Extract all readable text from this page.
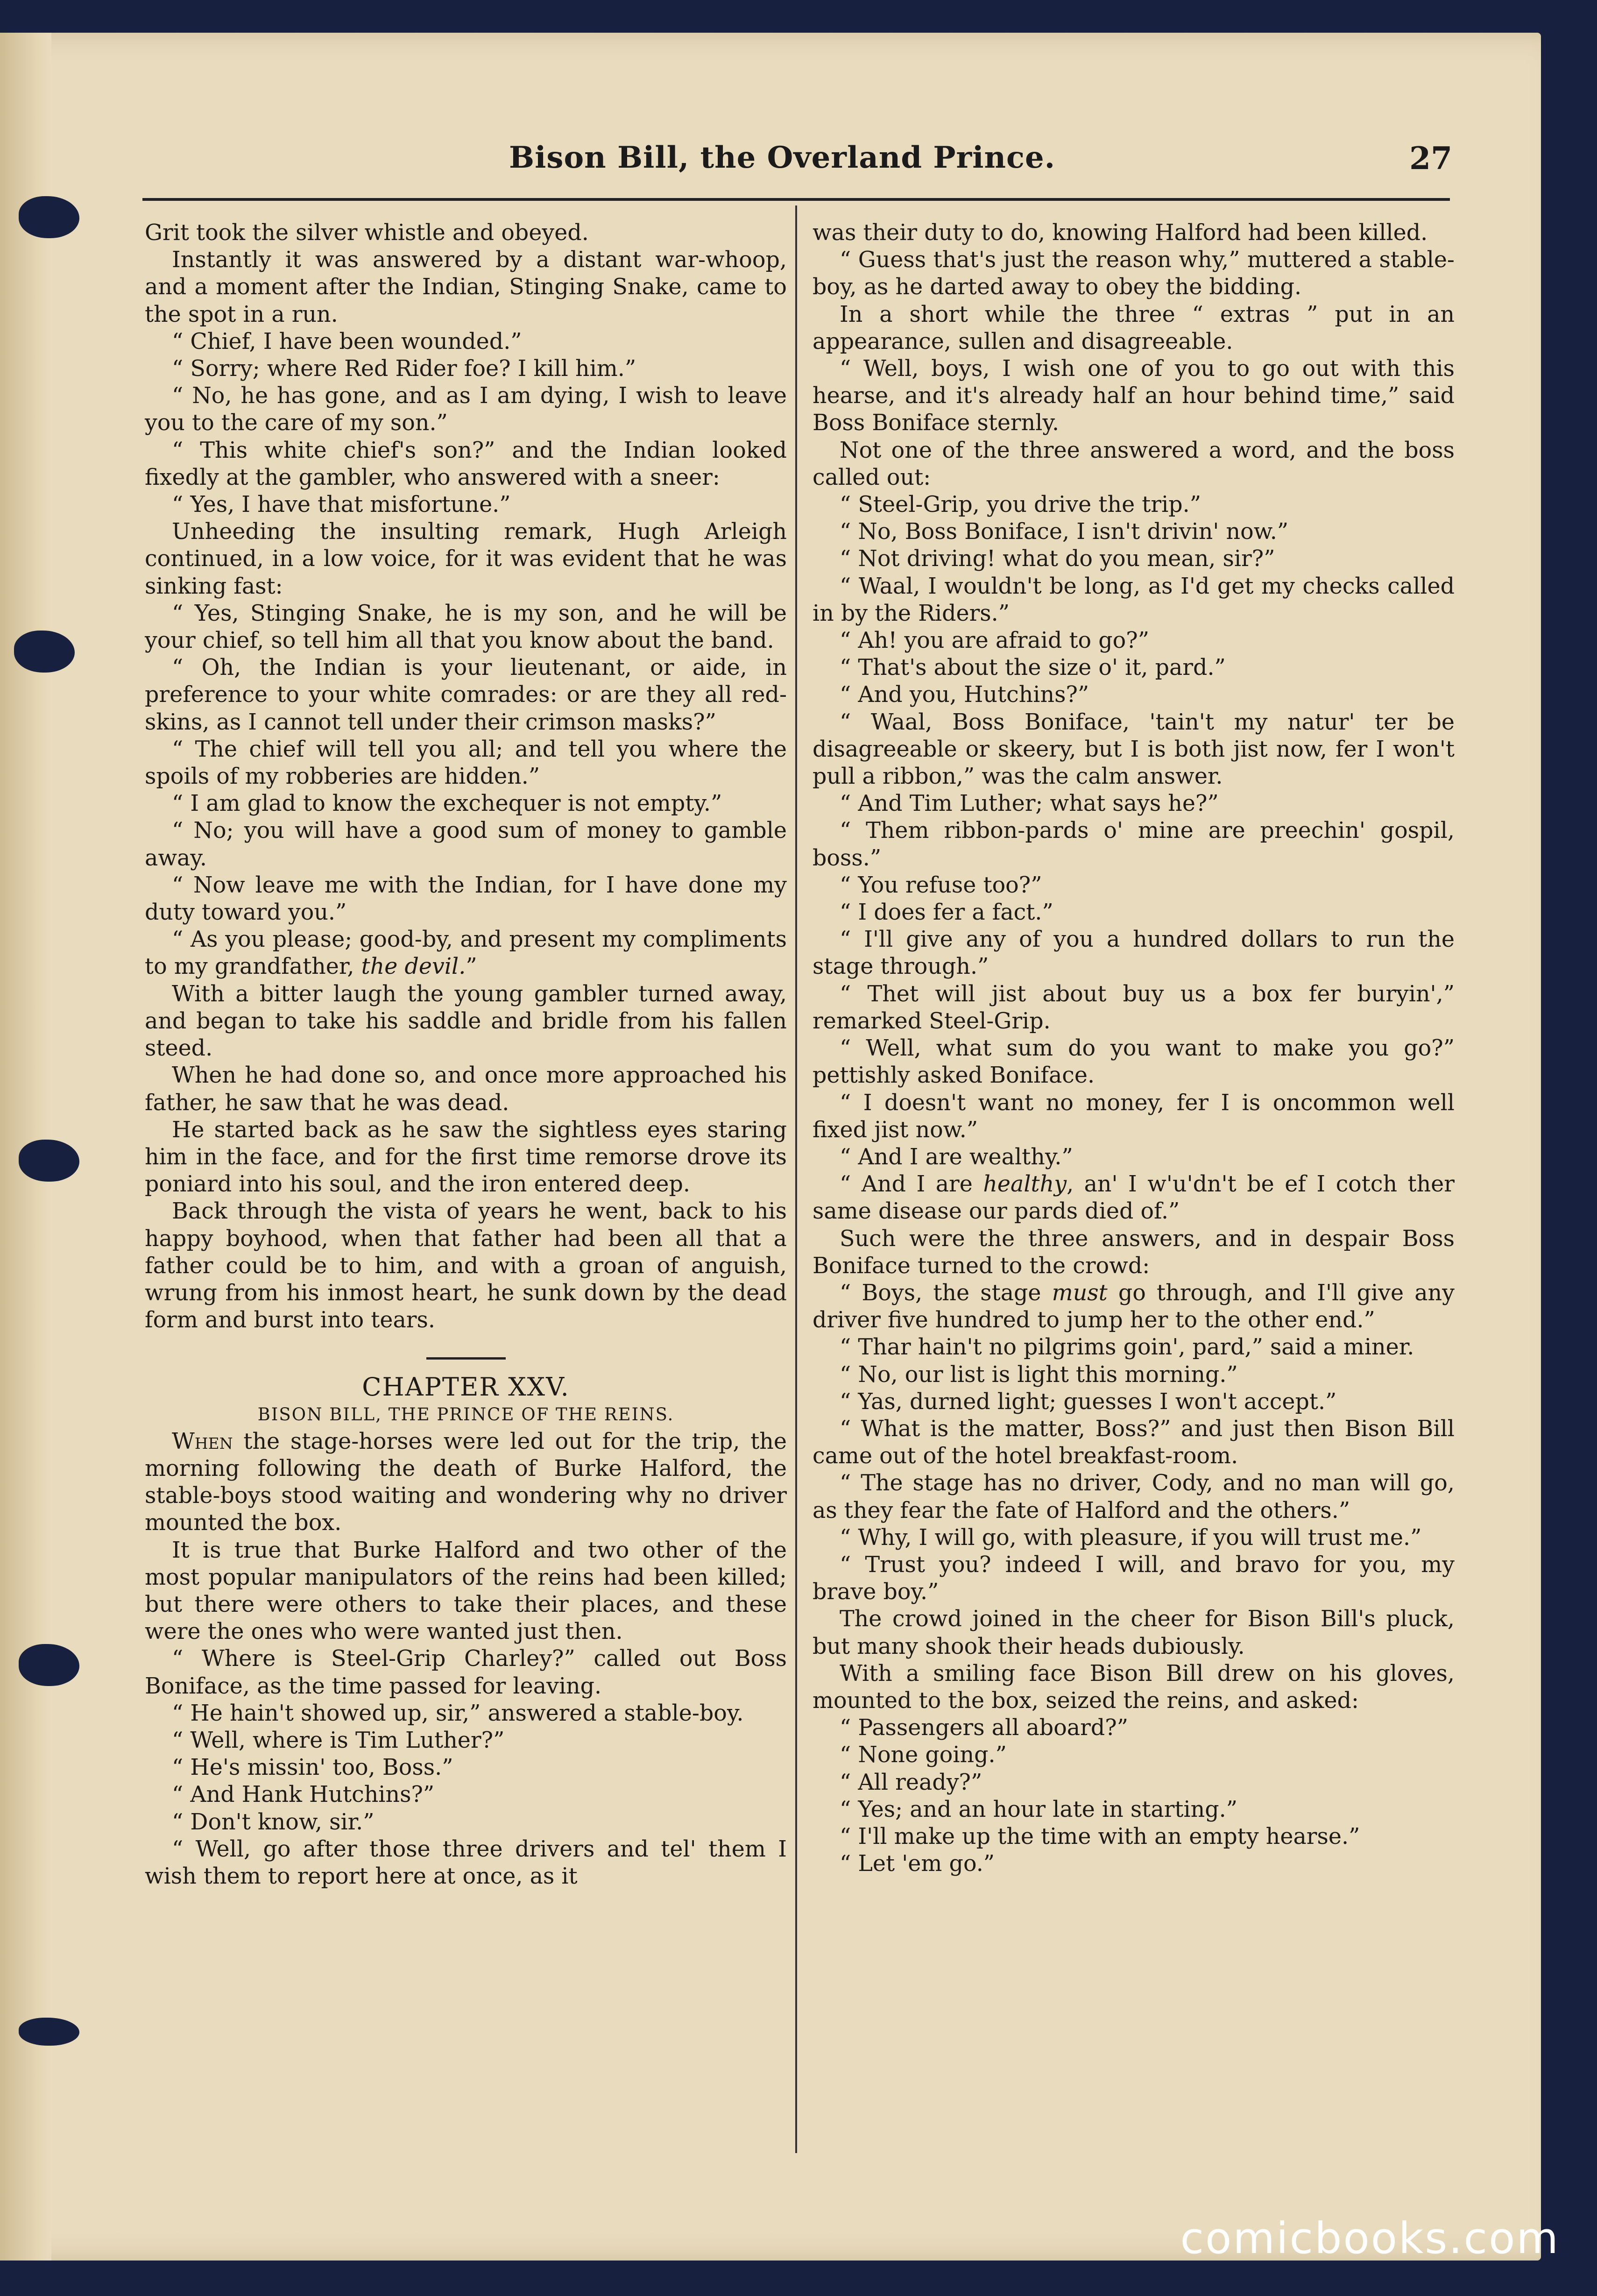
Bison Bill, the Overland Prince.	27

Grit took the silver whistle and obeyed.

Instantly it was answered by a distant war-whoop, and a moment after the Indian, Stinging Snake, came to the spot in a run.

“ Chief, I have been wounded.”

“ Sorry; where Red Rider foe? I kill him.”

“ No, he has gone, and as I am dying, I wish to leave you to the care of my son.”

“ This white chief's son?” and the Indian looked fixedly at the gambler, who answered with a sneer:

“ Yes, I have that misfortune.”

Unheeding the insulting remark, Hugh Arleigh continued, in a low voice, for it was evident that he was sinking fast:

“ Yes, Stinging Snake, he is my son, and he will be your chief, so tell him all that you know about the band.

“ Oh, the Indian is your lieutenant, or aide, in preference to your white comrades: or are they all red-skins, as I cannot tell under their crimson masks?”

“ The chief will tell you all; and tell you where the spoils of my robberies are hidden.”

“ I am glad to know the exchequer is not empty.”

“ No; you will have a good sum of money to gamble away.

“ Now leave me with the Indian, for I have done my duty toward you.”

“ As you please; good-by, and present my compliments to my grandfather, the devil.”

With a bitter laugh the young gambler turned away, and began to take his saddle and bridle from his fallen steed.

When he had done so, and once more approached his father, he saw that he was dead.

He started back as he saw the sightless eyes staring him in the face, and for the first time remorse drove its poniard into his soul, and the iron entered deep.

Back through the vista of years he went, back to his happy boyhood, when that father had been all that a father could be to him, and with a groan of anguish, wrung from his inmost heart, he sunk down by the dead form and burst into tears.

CHAPTER XXV.

BISON BILL, THE PRINCE OF THE REINS.

When the stage-horses were led out for the trip, the morning following the death of Burke Halford, the stable-boys stood waiting and wondering why no driver mounted the box.

It is true that Burke Halford and two other of the most popular manipulators of the reins had been killed; but there were others to take their places, and these were the ones who were wanted just then.

“ Where is Steel-Grip Charley?” called out Boss Boniface, as the time passed for leaving.

“ He hain't showed up, sir,” answered a stable-boy.

“ Well, where is Tim Luther?”

“ He's missin' too, Boss.”

“ And Hank Hutchins?”

“ Don't know, sir.”

“ Well, go after those three drivers and tel' them I wish them to report here at once, as it

was their duty to do, knowing Halford had been killed.

“ Guess that's just the reason why,” muttered a stable-boy, as he darted away to obey the bidding.

In a short while the three “ extras ” put in an appearance, sullen and disagreeable.

“ Well, boys, I wish one of you to go out with this hearse, and it's already half an hour behind time,” said Boss Boniface sternly.

Not one of the three answered a word, and the boss called out:

“ Steel-Grip, you drive the trip.”

“ No, Boss Boniface, I isn't drivin' now.”

“ Not driving! what do you mean, sir?”

“ Waal, I wouldn't be long, as I'd get my checks called in by the Riders.”

“ Ah! you are afraid to go?”

“ That's about the size o' it, pard.”

“ And you, Hutchins?”

“ Waal, Boss Boniface, 'tain't my natur' ter be disagreeable or skeery, but I is both jist now, fer I won't pull a ribbon,” was the calm answer.

“ And Tim Luther; what says he?”

“ Them ribbon-pards o' mine are preechin' gospil, boss.”

“ You refuse too?”

“ I does fer a fact.”

“ I'll give any of you a hundred dollars to run the stage through.”

“ Thet will jist about buy us a box fer buryin',” remarked Steel-Grip.

“ Well, what sum do you want to make you go?” pettishly asked Boniface.

“ I doesn't want no money, fer I is oncommon well fixed jist now.”

“ And I are wealthy.”

“ And I are healthy, an' I w'u'dn't be ef I cotch ther same disease our pards died of.”

Such were the three answers, and in despair Boss Boniface turned to the crowd:

“ Boys, the stage must go through, and I'll give any driver five hundred to jump her to the other end.”

“ Thar hain't no pilgrims goin', pard,” said a miner.

“ No, our list is light this morning.”

“ Yas, durned light; guesses I won't accept.”

“ What is the matter, Boss?” and just then Bison Bill came out of the hotel breakfast-room.

“ The stage has no driver, Cody, and no man will go, as they fear the fate of Halford and the others.”

“ Why, I will go, with pleasure, if you will trust me.”

“ Trust you? indeed I will, and bravo for you, my brave boy.”

The crowd joined in the cheer for Bison Bill's pluck, but many shook their heads dubiously.

With a smiling face Bison Bill drew on his gloves, mounted to the box, seized the reins, and asked:

“ Passengers all aboard?”

“ None going.”

“ All ready?”

“ Yes; and an hour late in starting.”

“ I'll make up the time with an empty hearse.”

“ Let 'em go.”

comicbooks.com
